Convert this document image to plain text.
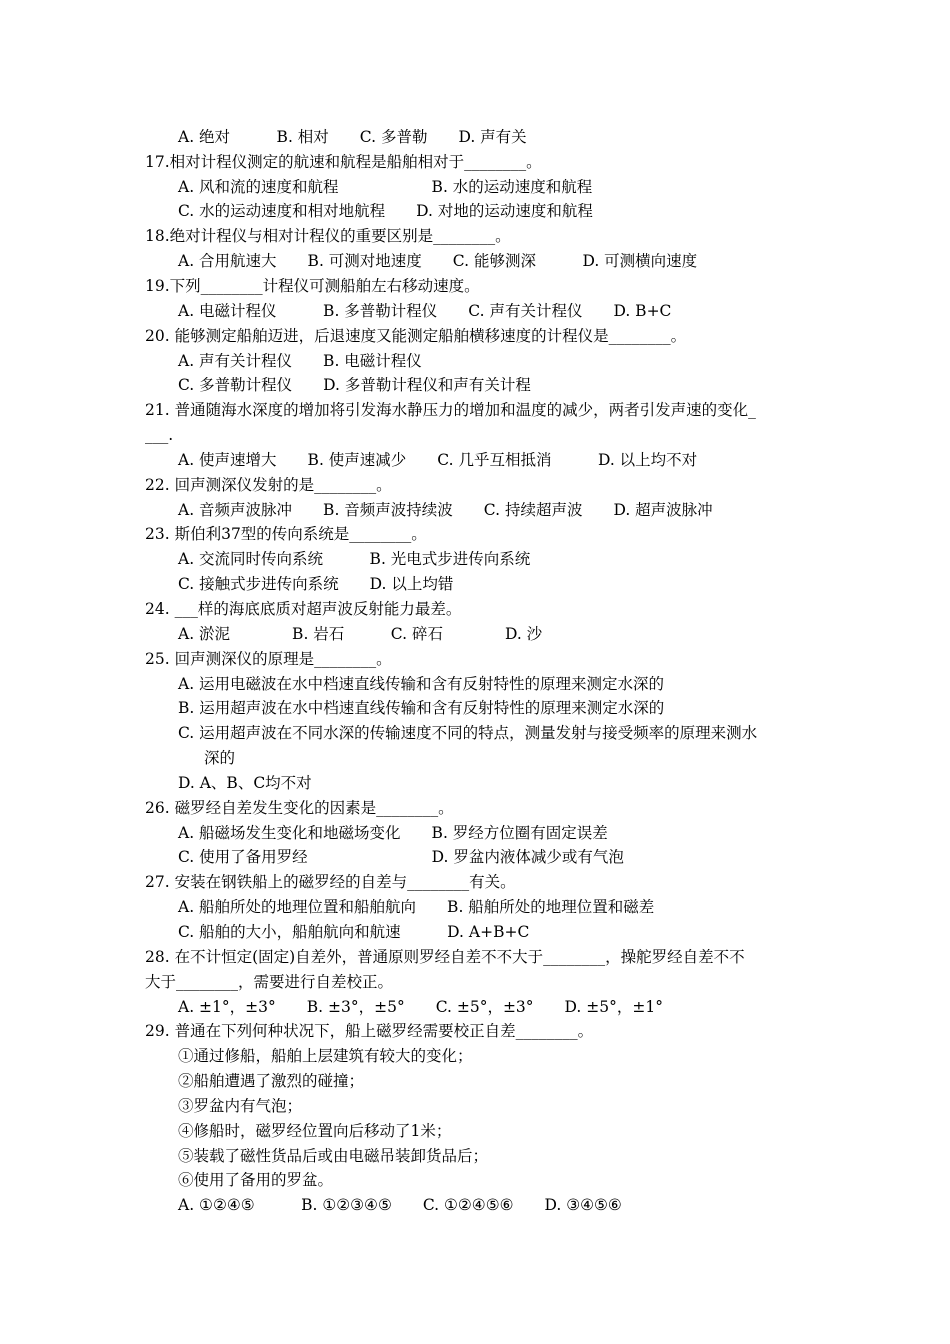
A. 绝对　　　B. 相对　　C. 多普勒　　D. 声有关
17.相对计程仪测定的航速和航程是船舶相对于________。
A. 风和流的速度和航程　　　　　　B. 水的运动速度和航程
C. 水的运动速度和相对地航程　　D. 对地的运动速度和航程
18.绝对计程仪与相对计程仪的重要区别是________。
A. 合用航速大　　B. 可测对地速度　　C. 能够测深　　　D. 可测横向速度
19.下列________计程仪可测船舶左右移动速度。
A. 电磁计程仪　　　B. 多普勒计程仪　　C. 声有关计程仪　　D. B+C
20. 能够测定船舶迈进，后退速度又能测定船舶横移速度的计程仪是________。
A. 声有关计程仪　　B. 电磁计程仪
C. 多普勒计程仪　　D. 多普勒计程仪和声有关计程
21. 普通随海水深度的增加将引发海水静压力的增加和温度的减少，两者引发声速的变化_
___.
A. 使声速增大　　B. 使声速减少　　C. 几乎互相抵消　　　D. 以上均不对
22. 回声测深仪发射的是________。
A. 音频声波脉冲　　B. 音频声波持续波　　C. 持续超声波　　D. 超声波脉冲
23. 斯伯利37型的传向系统是________。
A. 交流同时传向系统　　　B. 光电式步进传向系统
C. 接触式步进传向系统　　D. 以上均错
24. ___样的海底底质对超声波反射能力最差。
A. 淤泥　　　　B. 岩石　　　C. 碎石　　　　D. 沙
25. 回声测深仪的原理是________。
A. 运用电磁波在水中档速直线传输和含有反射特性的原理来测定水深的
B. 运用超声波在水中档速直线传输和含有反射特性的原理来测定水深的
C. 运用超声波在不同水深的传输速度不同的特点，测量发射与接受频率的原理来测水
深的
D. A、B、C均不对
26. 磁罗经自差发生变化的因素是________。
A. 船磁场发生变化和地磁场变化　　B. 罗经方位圈有固定误差
C. 使用了备用罗经　　　　　　　　D. 罗盆内液体减少或有气泡
27. 安装在钢铁船上的磁罗经的自差与________有关。
A. 船舶所处的地理位置和船舶航向　　B. 船舶所处的地理位置和磁差
C. 船舶的大小，船舶航向和航速　　　D. A+B+C
28. 在不计恒定(固定)自差外，普通原则罗经自差不不大于________，操舵罗经自差不不
大于________，需要进行自差校正。
A. ±1°，±3°　　B. ±3°，±5°　　C. ±5°，±3°　　D. ±5°，±1°
29. 普通在下列何种状况下，船上磁罗经需要校正自差________。
①通过修船，船舶上层建筑有较大的变化；
②船舶遭遇了激烈的碰撞；
③罗盆内有气泡；
④修船时，磁罗经位置向后移动了1米；
⑤装载了磁性货品后或由电磁吊装卸货品后；
⑥使用了备用的罗盆。
A. ①②④⑤　　　B. ①②③④⑤　　C. ①②④⑤⑥　　D. ③④⑤⑥
